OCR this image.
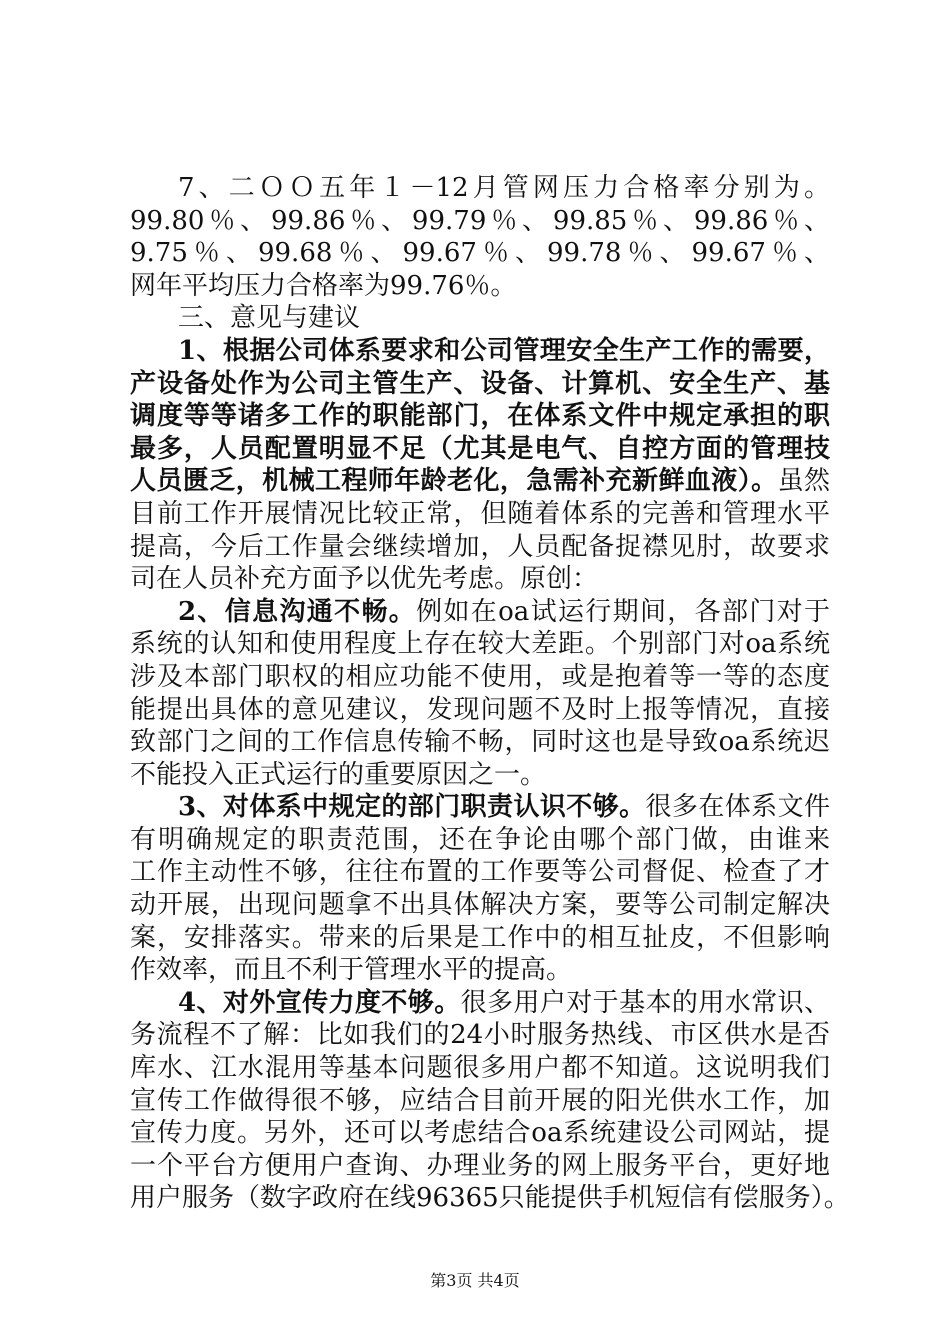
7、二ＯＯ五年１－12月管网压力合格率分别为。
99.80％、99.86％、99.79％、99.85％、99.86％、
9.75％、99.68％、99.67％、99.78％、99.67％、
网年平均压力合格率为99.76％。
三、意见与建议
1、根据公司体系要求和公司管理安全生产工作的需要，
产设备处作为公司主管生产、设备、计算机、安全生产、基
调度等等诸多工作的职能部门，在体系文件中规定承担的职
最多，人员配置明显不足（尤其是电气、自控方面的管理技
人员匮乏，机械工程师年龄老化，急需补充新鲜血液）。虽然
目前工作开展情况比较正常，但随着体系的完善和管理水平
提高，今后工作量会继续增加，人员配备捉襟见肘，故要求
司在人员补充方面予以优先考虑。原创：
2、信息沟通不畅。例如在oa试运行期间，各部门对于
系统的认知和使用程度上存在较大差距。个别部门对oa系统
涉及本部门职权的相应功能不使用，或是抱着等一等的态度
能提出具体的意见建议，发现问题不及时上报等情况，直接
致部门之间的工作信息传输不畅，同时这也是导致oa系统迟
不能投入正式运行的重要原因之一。
3、对体系中规定的部门职责认识不够。很多在体系文件
有明确规定的职责范围，还在争论由哪个部门做，由谁来
工作主动性不够，往往布置的工作要等公司督促、检查了才
动开展，出现问题拿不出具体解决方案，要等公司制定解决
案，安排落实。带来的后果是工作中的相互扯皮，不但影响
作效率，而且不利于管理水平的提高。
4、对外宣传力度不够。很多用户对于基本的用水常识、
务流程不了解：比如我们的24小时服务热线、市区供水是否
库水、江水混用等基本问题很多用户都不知道。这说明我们
宣传工作做得很不够，应结合目前开展的阳光供水工作，加
宣传力度。另外，还可以考虑结合oa系统建设公司网站，提
一个平台方便用户查询、办理业务的网上服务平台，更好地
用户服务（数字政府在线96365只能提供手机短信有偿服务）。
第3页 共4页
